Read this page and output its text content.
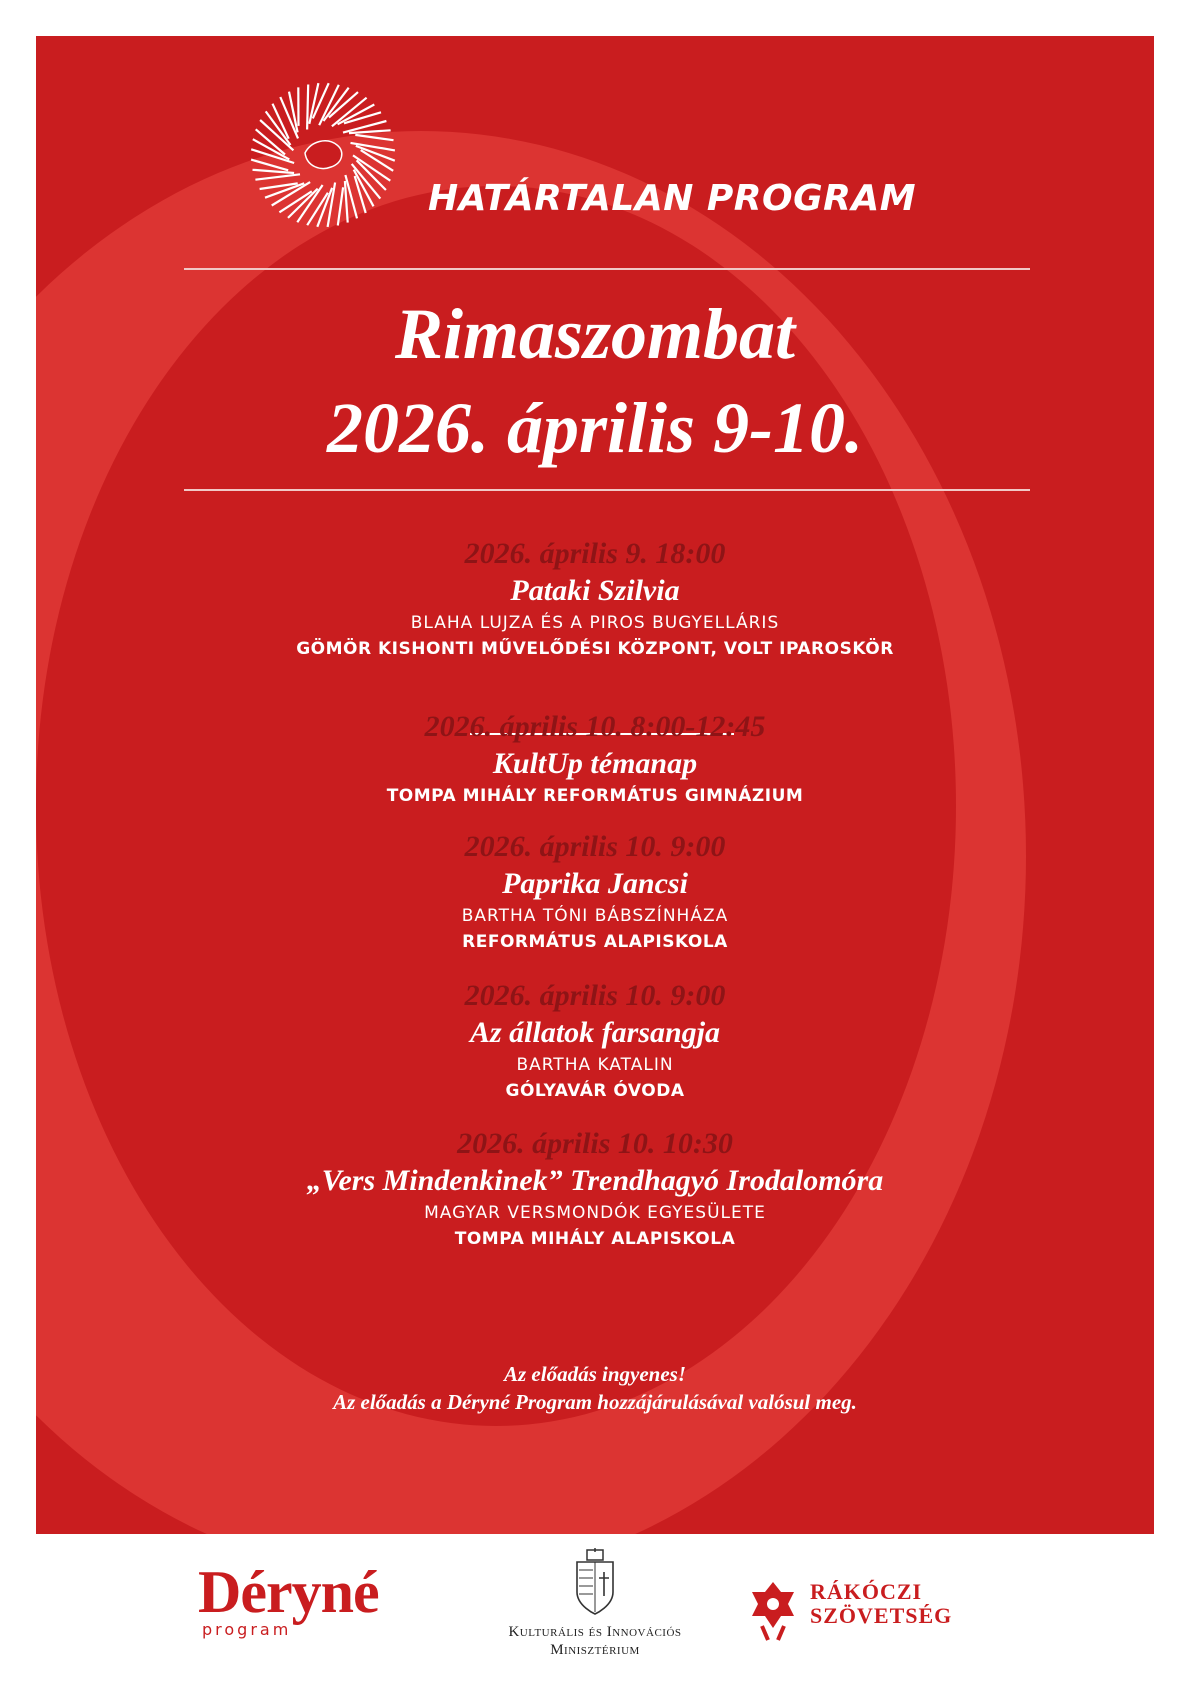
HATÁRTALAN PROGRAM
Rimaszombat
2026. április 9-10.
2026. április 9. 18:00
Pataki Szilvia
BLAHA LUJZA ÉS A PIROS BUGYELLÁRIS
GÖMÖR KISHONTI MŰVELŐDÉSI KÖZPONT, VOLT IPAROSKÖR
2026. április 10. 8:00-12:45
KultUp témanap
TOMPA MIHÁLY REFORMÁTUS GIMNÁZIUM
2026. április 10. 9:00
Paprika Jancsi
BARTHA TÓNI BÁBSZÍNHÁZA
REFORMÁTUS ALAPISKOLA
2026. április 10. 9:00
Az állatok farsangja
BARTHA KATALIN
GÓLYAVÁR ÓVODA
2026. április 10. 10:30
„Vers Mindenkinek” Trendhagyó Irodalomóra
MAGYAR VERSMONDÓK EGYESÜLETE
TOMPA MIHÁLY ALAPISKOLA
Az előadás ingyenes!
Az előadás a Déryné Program hozzájárulásával valósul meg.
Déryné
program	Kulturális és Innovációs
Minisztérium
RÁKÓCZI
SZÖVETSÉG
